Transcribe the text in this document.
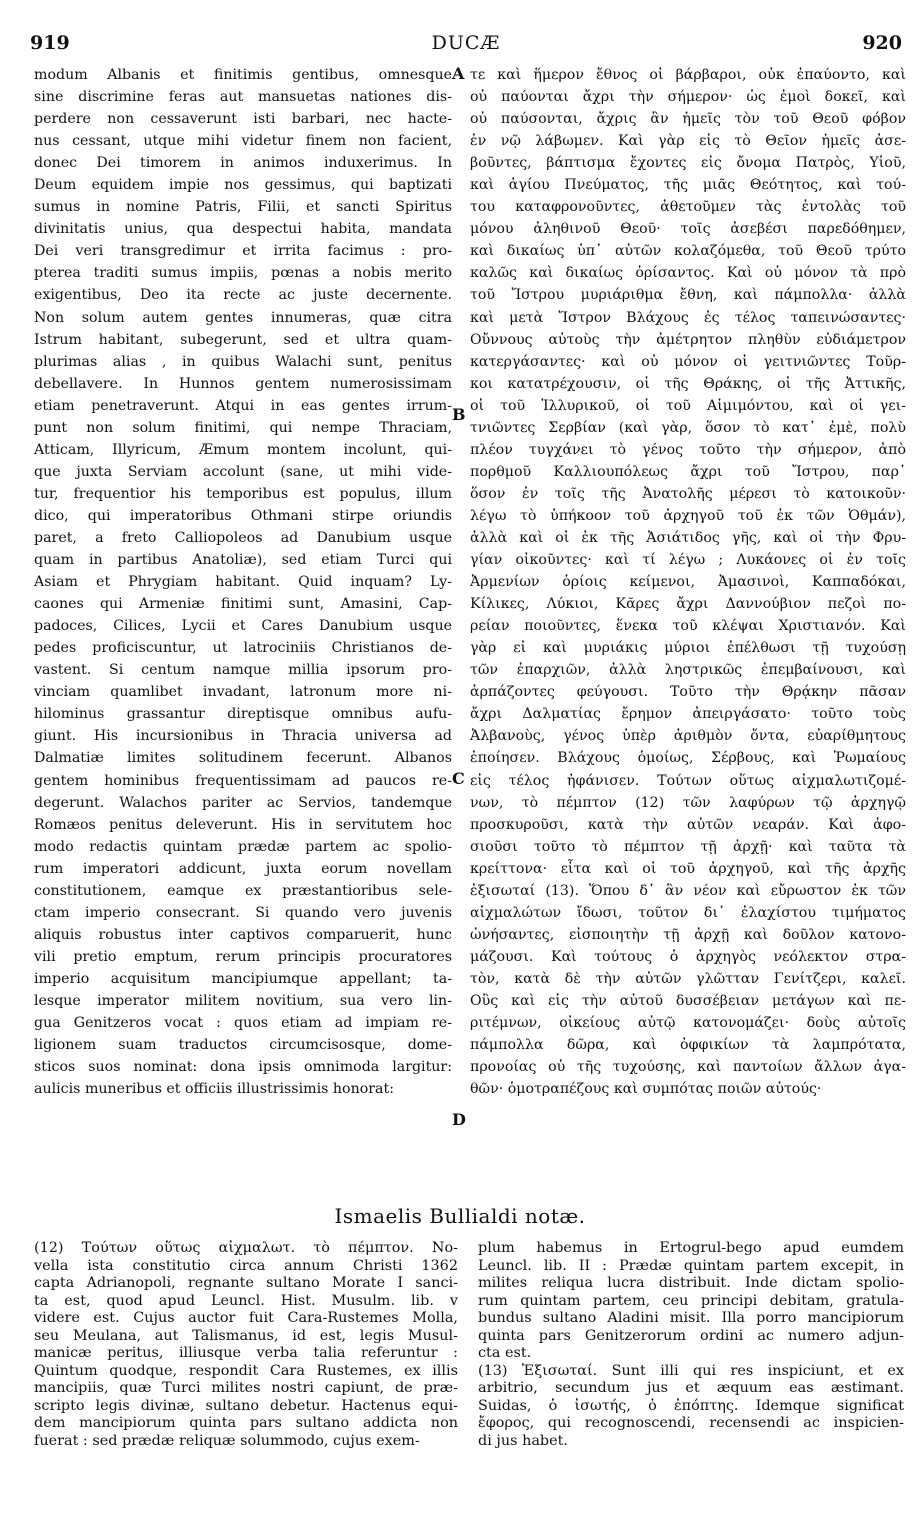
919	DUCÆ	920
modum Albanis et finitimis gentibus, omnesque
sine discrimine feras aut mansuetas nationes dis-
perdere non cessaverunt isti barbari, nec hacte-
nus cessant, utque mihi videtur finem non facient,
donec Dei timorem in animos induxerimus. In
Deum equidem impie nos gessimus, qui baptizati
sumus in nomine Patris, Filii, et sancti Spiritus
divinitatis unius, qua despectui habita, mandata
Dei veri transgredimur et irrita facimus : pro-
pterea traditi sumus impiis, pœnas a nobis merito
exigentibus, Deo ita recte ac juste decernente.
Non solum autem gentes innumeras, quæ citra
Istrum habitant, subegerunt, sed et ultra quam-
plurimas alias , in quibus Walachi sunt, penitus
debellavere. In Hunnos gentem numerosissimam
etiam penetraverunt. Atqui in eas gentes irrum-
punt non solum finitimi, qui nempe Thraciam,
Atticam, Illyricum, Æmum montem incolunt, qui-
que juxta Serviam accolunt (sane, ut mihi vide-
tur, frequentior his temporibus est populus, illum
dico, qui imperatoribus Othmani stirpe oriundis
paret, a freto Calliopoleos ad Danubium usque
quam in partibus Anatoliæ), sed etiam Turci qui
Asiam et Phrygiam habitant. Quid inquam? Ly-
caones qui Armeniæ finitimi sunt, Amasini, Cap-
padoces, Cilices, Lycii et Cares Danubium usque
pedes proficiscuntur, ut latrociniis Christianos de-
vastent. Si centum namque millia ipsorum pro-
vinciam quamlibet invadant, latronum more ni-
hilominus grassantur direptisque omnibus aufu-
giunt. His incursionibus in Thracia universa ad
Dalmatiæ limites solitudinem fecerunt. Albanos
gentem hominibus frequentissimam ad paucos re-
degerunt. Walachos pariter ac Servios, tandemque
Romæos penitus deleverunt. His in servitutem hoc
modo redactis quintam prædæ partem ac spolio-
rum imperatori addicunt, juxta eorum novellam
constitutionem, eamque ex præstantioribus sele-
ctam imperio consecrant. Si quando vero juvenis
aliquis robustus inter captivos comparuerit, hunc
vili pretio emptum, rerum principis procuratores
imperio acquisitum mancipiumque appellant; ta-
lesque imperator militem novitium, sua vero lin-
gua Genitzeros vocat : quos etiam ad impiam re-
ligionem suam traductos circumcisosque, dome-
sticos suos nominat: dona ipsis omnimoda largitur:
aulicis muneribus et officiis illustrissimis honorat:
τε καὶ ἥμερον ἔθνος οἱ βάρβαροι, οὐκ ἐπαύοντο, καὶ
οὐ παύονται ἄχρι τὴν σήμερον· ὡς ἐμοὶ δοκεῖ, καὶ
οὐ παύσονται, ἄχρις ἂν ἡμεῖς τὸν τοῦ Θεοῦ φόβον
ἐν νῷ λάβωμεν. Καὶ γὰρ εἰς τὸ Θεῖον ἡμεῖς ἀσε-
βοῦντες, βάπτισμα ἔχοντες εἰς ὄνομα Πατρὸς, Υἱοῦ,
καὶ ἁγίου Πνεύματος, τῆς μιᾶς Θεότητος, καὶ τού-
του καταφρονοῦντες, ἀθετοῦμεν τὰς ἐντολὰς τοῦ
μόνου ἀληθινοῦ Θεοῦ· τοῖς ἀσεβέσι παρεδόθημεν,
καὶ δικαίως ὑπ᾽ αὐτῶν κολαζόμεθα, τοῦ Θεοῦ τρύτο
καλῶς καὶ δικαίως ὁρίσαντος. Καὶ οὐ μόνον τὰ πρὸ
τοῦ Ἴστρου μυριάριθμα ἔθνη, καὶ πάμπολλα· ἀλλὰ
καὶ μετὰ Ἴστρον Βλάχους ἐς τέλος ταπεινώσαντες·
Οὔννους αὐτοὺς τὴν ἀμέτρητον πληθὺν εὐδιάμετρον
κατεργάσαντες· καὶ οὐ μόνον οἱ γειτνιῶντες Τοῦρ-
κοι κατατρέχουσιν, οἱ τῆς Θράκης, οἱ τῆς Ἀττικῆς,
οἱ τοῦ Ἰλλυρικοῦ, οἱ τοῦ Αἱμιμόντου, καὶ οἱ γει-
τνιῶντες Σερβίαν (καὶ γὰρ, ὅσον τὸ κατ᾽ ἐμὲ, πολὺ
πλέον τυγχάνει τὸ γένος τοῦτο τὴν σήμερον, ἀπὸ
πορθμοῦ Καλλιουπόλεως ἄχρι τοῦ Ἴστρου, παρ᾽
ὅσον ἐν τοῖς τῆς Ἀνατολῆς μέρεσι τὸ κατοικοῦν·
λέγω τὸ ὑπήκοον τοῦ ἀρχηγοῦ τοῦ ἐκ τῶν Ὀθμάν),
ἀλλὰ καὶ οἱ ἐκ τῆς Ἀσιάτιδος γῆς, καὶ οἱ τὴν Φρυ-
γίαν οἰκοῦντες· καὶ τί λέγω ; Λυκάονες οἱ ἐν τοῖς
Ἀρμενίων ὁρίοις κείμενοι, Ἀμασινοὶ, Καππαδόκαι,
Κίλικες, Λύκιοι, Κᾶρες ἄχρι Δαννούβιον πεζοὶ πο-
ρείαν ποιοῦντες, ἕνεκα τοῦ κλέψαι Χριστιανόν. Καὶ
γὰρ εἰ καὶ μυριάκις μύριοι ἐπέλθωσι τῇ τυχούσῃ
τῶν ἐπαρχιῶν, ἀλλὰ ληστρικῶς ἐπεμβαίνουσι, καὶ
ἁρπάζοντες φεύγουσι. Τοῦτο τὴν Θρᾴκην πᾶσαν
ἄχρι Δαλματίας ἔρημον ἀπειργάσατο· τοῦτο τοὺς
Ἀλβανοὺς, γένος ὑπὲρ ἀριθμὸν ὄντα, εὐαρίθμητους
ἐποίησεν. Βλάχους ὁμοίως, Σέρβους, καὶ Ῥωμαίους
εἰς τέλος ἠφάνισεν. Τούτων οὕτως αἰχμαλωτιζομέ-
νων, τὸ πέμπτον (12) τῶν λαφύρων τῷ ἀρχηγῷ
προσκυροῦσι, κατὰ τὴν αὐτῶν νεαράν. Καὶ ἀφο-
σιοῦσι τοῦτο τὸ πέμπτον τῇ ἀρχῇ· καὶ ταῦτα τὰ
κρείττονα· εἶτα καὶ οἱ τοῦ ἀρχηγοῦ, καὶ τῆς ἀρχῆς
ἐξισωταί (13). Ὅπου δ᾽ ἂν νέον καὶ εὔρωστον ἐκ τῶν
αἰχμαλώτων ἴδωσι, τοῦτον δι᾽ ἐλαχίστου τιμήματος
ὠνήσαντες, εἰσποιητὴν τῇ ἀρχῇ καὶ δοῦλον κατονο-
μάζουσι. Καὶ τούτους ὁ ἀρχηγὸς νεόλεκτον στρα-
τὸν, κατὰ δὲ τὴν αὐτῶν γλῶτταν Γενίτζερι, καλεῖ.
Οὓς καὶ εἰς τὴν αὐτοῦ δυσσέβειαν μετάγων καὶ πε-
ριτέμνων, οἰκείους αὐτῷ κατονομάζει· δοὺς αὐτοῖς
πάμπολλα δῶρα, καὶ ὀφφικίων τὰ λαμπρότατα,
προνοίας οὐ τῆς τυχούσης, καὶ παντοίων ἄλλων ἀγα-
θῶν· ὁμοτραπέζους καὶ συμπότας ποιῶν αὐτούς·
A
B
C
D
Ismaelis Bullialdi notæ.
(12) Τούτων οὕτως αἰχμαλωτ. τὸ πέμπτον. No-
vella ista constitutio circa annum Christi 1362
capta Adrianopoli, regnante sultano Morate I sanci-
ta est, quod apud Leuncl. Hist. Musulm. lib. v
videre est. Cujus auctor fuit Cara-Rustemes Molla,
seu Meulana, aut Talismanus, id est, legis Musul-
manicæ peritus, illiusque verba talia referuntur :
Quintum quodque, respondit Cara Rustemes, ex illis
mancipiis, quæ Turci milites nostri capiunt, de præ-
scripto legis divinæ, sultano debetur. Hactenus equi-
dem mancipiorum quinta pars sultano addicta non
fuerat : sed prædæ reliquæ solummodo, cujus exem-
plum habemus in Ertogrul-bego apud eumdem
Leuncl. lib. II : Prædæ quintam partem excepit, in
milites reliqua lucra distribuit. Inde dictam spolio-
rum quintam partem, ceu principi debitam, gratula-
bundus sultano Aladini misit. Illa porro mancipiorum
quinta pars Genitzerorum ordini ac numero adjun-
cta est.
(13) Ἐξισωταί. Sunt illi qui res inspiciunt, et ex
arbitrio, secundum jus et æquum eas æstimant.
Suidas, ὁ ἰσωτής, ὁ ἐπόπτης. Idemque significat
ἔφορος, qui recognoscendi, recensendi ac inspicien-
di jus habet.
